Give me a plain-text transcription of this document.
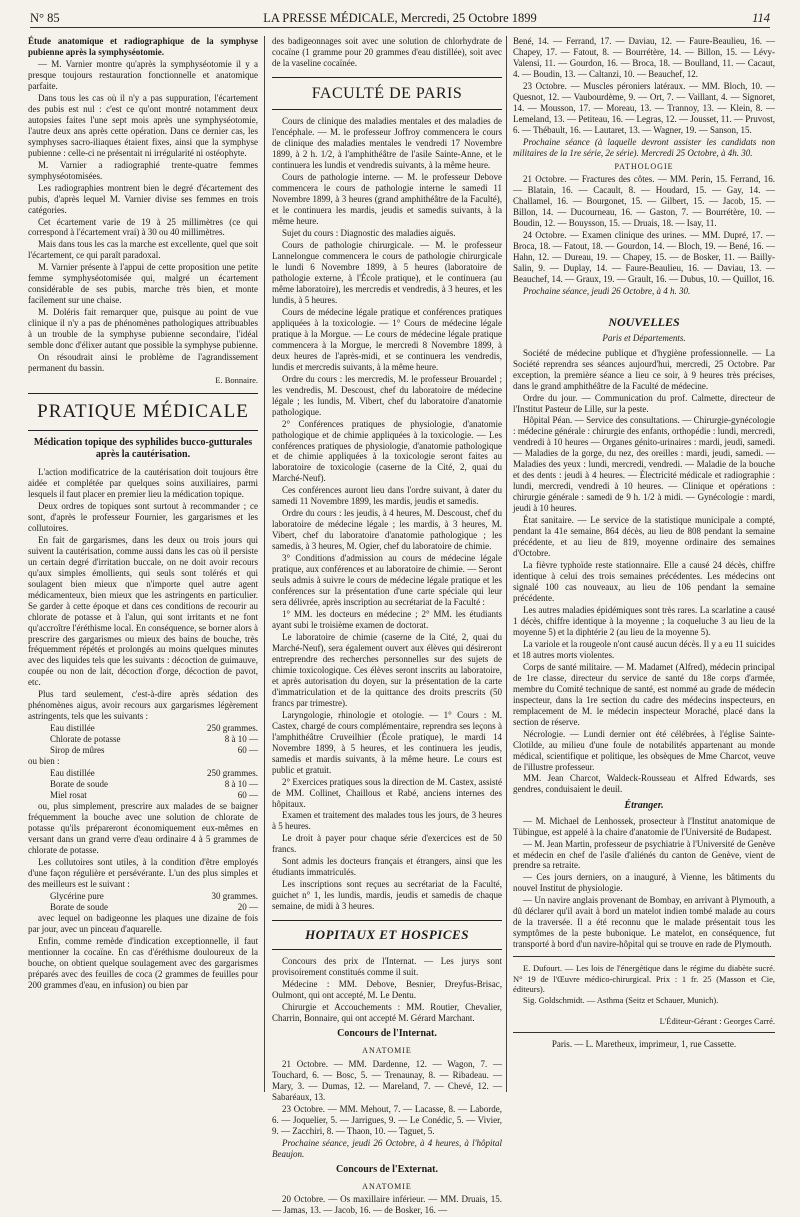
N° 85	LA PRESSE MÉDICALE, Mercredi, 25 Octobre 1899	114

Étude anatomique et radiographique de la symphyse pubienne après la symphyséotomie.

— M. Varnier montre qu'après la symphyséotomie il y a presque toujours restauration fonctionnelle et anatomique parfaite.

Dans tous les cas où il n'y a pas suppuration, l'écartement des pubis est nul : c'est ce qu'ont montré notamment deux autopsies faites l'une sept mois après une symphyséotomie, l'autre deux ans après cette opération. Dans ce dernier cas, les symphyses sacro-iliaques étaient fixes, ainsi que la symphyse pubienne : celle-ci ne présentait ni irrégularité ni ostéophyte.

M. Varnier a radiographié trente-quatre femmes symphyséotomisées.

Les radiographies montrent bien le degré d'écartement des pubis, d'après lequel M. Varnier divise ses femmes en trois catégories.

Cet écartement varie de 19 à 25 millimètres (ce qui correspond à l'écartement vrai) à 30 ou 40 millimètres.

Mais dans tous les cas la marche est excellente, quel que soit l'écartement, ce qui paraît paradoxal.

M. Varnier présente à l'appui de cette proposition une petite femme symphyséotomisée qui, malgré un écartement considérable de ses pubis, marche très bien, et monte facilement sur une chaise.

M. Doléris fait remarquer que, puisque au point de vue clinique il n'y a pas de phénomènes pathologiques attribuables à un trouble de la symphyse pubienne secondaire, l'idéal semble donc d'élixer autant que possible la symphyse pubienne.

On résoudrait ainsi le problème de l'agrandissement permanent du bassin.

E. Bonnaire.

PRATIQUE MÉDICALE
Médication topique des syphilides bucco-gutturales après la cautérisation.

L'action modificatrice de la cautérisation doit toujours être aidée et complétée par quelques soins auxiliaires, parmi lesquels il faut placer en premier lieu la médication topique.

Deux ordres de topiques sont surtout à recommander ; ce sont, d'après le professeur Fournier, les gargarismes et les collutoires.

En fait de gargarismes, dans les deux ou trois jours qui suivent la cautérisation, comme aussi dans les cas où il persiste un certain degré d'irritation buccale, on ne doit avoir recours qu'aux simples émollients, qui seuls sont tolérés et qui soulagent bien mieux que n'importe quel autre agent médicamenteux, bien mieux que les astringents en particulier. Se garder à cette époque et dans ces conditions de recourir au chlorate de potasse et à l'alun, qui sont irritants et ne font qu'accroître l'éréthisme local. En conséquence, se borner alors à prescrire des gargarismes ou mieux des bains de bouche, très fréquemment répétés et prolongés au moins quelques minutes avec des liquides tels que les suivants : décoction de guimauve, coupée ou non de lait, décoction d'orge, décoction de pavot, etc.

Plus tard seulement, c'est-à-dire après sédation des phénomènes aigus, avoir recours aux gargarismes légèrement astringents, tels que les suivants :

Eau distillée	250 grammes.
Chlorate de potasse	8 à 10 —
Sirop de mûres	60 —

ou bien :

Eau distillée	250 grammes.
Borate de soude	8 à 10 —
Miel rosat	60 —

ou, plus simplement, prescrire aux malades de se baigner fréquemment la bouche avec une solution de chlorate de potasse qu'ils prépareront économiquement eux-mêmes en versant dans un grand verre d'eau ordinaire 4 à 5 grammes de chlorate de potasse.

Les collutoires sont utiles, à la condition d'être employés d'une façon régulière et persévérante. L'un des plus simples et des meilleurs est le suivant :

Glycérine pure	30 grammes.
Borate de soude	20 —

avec lequel on badigeonne les plaques une dizaine de fois par jour, avec un pinceau d'aquarelle.

Enfin, comme remède d'indication exceptionnelle, il faut mentionner la cocaïne. En cas d'éréthisme douloureux de la bouche, on obtient quelque soulagement avec des gargarismes préparés avec des feuilles de coca (2 grammes de feuilles pour 200 grammes d'eau, en infusion) ou bien par

des badigeonnages soit avec une solution de chlorhydrate de cocaïne (1 gramme pour 20 grammes d'eau distillée), soit avec de la vaseline cocaïnée.

FACULTÉ DE PARIS

Cours de clinique des maladies mentales et des maladies de l'encéphale. — M. le professeur Joffroy commencera le cours de clinique des maladies mentales le vendredi 17 Novembre 1899, à 2 h. 1/2, à l'amphithéâtre de l'asile Sainte-Anne, et le continuera les lundis et vendredis suivants, à la même heure.

Cours de pathologie interne. — M. le professeur Debove commencera le cours de pathologie interne le samedi 11 Novembre 1899, à 3 heures (grand amphithéâtre de la Faculté), et le continuera les mardis, jeudis et samedis suivants, à la même heure.

Sujet du cours : Diagnostic des maladies aiguës.

Cours de pathologie chirurgicale. — M. le professeur Lannelongue commencera le cours de pathologie chirurgicale le lundi 6 Novembre 1899, à 5 heures (laboratoire de pathologie externe, à l'École pratique), et le continuera (au même laboratoire), les mercredis et vendredis, à 3 heures, et les lundis, à 5 heures.

Cours de médecine légale pratique et conférences pratiques appliquées à la toxicologie. — 1° Cours de médecine légale pratique à la Morgue. — Le cours de médecine légale pratique commencera à la Morgue, le mercredi 8 Novembre 1899, à deux heures de l'après-midi, et se continuera les vendredis, lundis et mercredis suivants, à la même heure.

Ordre du cours : les mercredis, M. le professeur Brouardel ; les vendredis, M. Descoust, chef du laboratoire de médecine légale ; les lundis, M. Vibert, chef du laboratoire d'anatomie pathologique.

2° Conférences pratiques de physiologie, d'anatomie pathologique et de chimie appliquées à la toxicologie. — Les conférences pratiques de physiologie, d'anatomie pathologique et de chimie appliquées à la toxicologie seront faites au laboratoire de toxicologie (caserne de la Cité, 2, quai du Marché-Neuf).

Ces conférences auront lieu dans l'ordre suivant, à dater du samedi 11 Novembre 1899, les mardis, jeudis et samedis.

Ordre du cours : les jeudis, à 4 heures, M. Descoust, chef du laboratoire de médecine légale ; les mardis, à 3 heures, M. Vibert, chef du laboratoire d'anatomie pathologique ; les samedis, à 3 heures, M. Ogier, chef du laboratoire de chimie.

3° Conditions d'admission au cours de médecine légale pratique, aux conférences et au laboratoire de chimie. — Seront seuls admis à suivre le cours de médecine légale pratique et les conférences sur la présentation d'une carte spéciale qui leur sera délivrée, après inscription au secrétariat de la Faculté :

1° MM. les docteurs en médecine ; 2° MM. les étudiants ayant subi le troisième examen de doctorat.

Le laboratoire de chimie (caserne de la Cité, 2, quai du Marché-Neuf), sera également ouvert aux élèves qui désireront entreprendre des recherches personnelles sur des sujets de chimie toxicologique. Ces élèves seront inscrits au laboratoire, et après autorisation du doyen, sur la présentation de la carte d'immatriculation et de la quittance des droits prescrits (50 francs par trimestre).

Laryngologie, rhinologie et otologie. — 1° Cours : M. Castex, chargé de cours complémentaire, reprendra ses leçons à l'amphithéâtre Cruveilhier (École pratique), le mardi 14 Novembre 1899, à 5 heures, et les continuera les jeudis, samedis et mardis suivants, à la même heure. Le cours est public et gratuit.

2° Exercices pratiques sous la direction de M. Castex, assisté de MM. Collinet, Chaillous et Rabé, anciens internes des hôpitaux.

Examen et traitement des malades tous les jours, de 3 heures à 5 heures.

Le droit à payer pour chaque série d'exercices est de 50 francs.

Sont admis les docteurs français et étrangers, ainsi que les étudiants immatriculés.

Les inscriptions sont reçues au secrétariat de la Faculté, guichet n° 1, les lundis, mardis, jeudis et samedis de chaque semaine, de midi à 3 heures.

HOPITAUX ET HOSPICES

Concours des prix de l'Internat. — Les jurys sont provisoirement constitués comme il suit.

Médecine : MM. Debove, Besnier, Dreyfus-Brisac, Oulmont, qui ont accepté, M. Le Dentu.

Chirurgie et Accouchements : MM. Routier, Chevalier, Charrin, Bonnaire, qui ont accepté M. Gérard Marchant.

Concours de l'Internat.
ANATOMIE

21 Octobre. — MM. Dardenne, 12. — Wagon, 7. — Touchard, 6. — Bosc, 5. — Trenaunay, 8. — Ribadeau. — Mary, 3. — Dumas, 12. — Mareland, 7. — Chevé, 12. — Sabaréaux, 13.

23 Octobre. — MM. Mehout, 7. — Lacasse, 8. — Laborde, 6. — Joquelier, 5. — Jarrigues, 9. — Le Conédic, 5. — Vivier, 9. — Zacchiri, 8. — Thaon, 10. — Taguet, 5.

Prochaine séance, jeudi 26 Octobre, à 4 heures, à l'hôpital Beaujon.

Concours de l'Externat.
ANATOMIE

20 Octobre. — Os maxillaire inférieur. — MM. Druais, 15. — Jamas, 13. — Jacob, 16. — de Bosker, 16. —

Bené, 14. — Ferrand, 17. — Daviau, 12. — Faure-Beaulieu, 16. — Chapey, 17. — Fatout, 8. — Bourrétère, 14. — Billon, 15. — Lévy-Valensi, 11. — Gourdon, 16. — Broca, 18. — Boulland, 11. — Cacaut, 4. — Boudin, 13. — Caltanzi, 10. — Beauchef, 12.

23 Octobre. — Muscles péroniers latéraux. — MM. Bloch, 10. — Quesnot, 12. — Vaubourdème, 9. — Ort, 7. — Vaillant, 4. — Signoret, 14. — Mousson, 17. — Moreau, 13. — Trannoy, 13. — Klein, 8. — Lemeland, 13. — Petiteau, 16. — Legras, 12. — Jousset, 11. — Pruvost, 6. — Thébault, 16. — Lautaret, 13. — Wagner, 19. — Sanson, 15.

Prochaine séance (à laquelle devront assister les candidats non militaires de la 1re série, 2e série). Mercredi 25 Octobre, à 4h. 30.

PATHOLOGIE

21 Octobre. — Fractures des côtes. — MM. Perin, 15. Ferrand, 16. — Blatain, 16. — Cacault, 8. — Houdard, 15. — Gay, 14. — Challamel, 16. — Bourgonet, 15. — Gilbert, 15. — Jacob, 15. — Billon, 14. — Ducourneau, 16. — Gaston, 7. — Bourrétère, 10. — Boudin, 12. — Bouysson, 15. — Druais, 18. — Isay, 11.

24 Octobre. — Examen clinique des urines. — MM. Dupré, 17. — Broca, 18. — Fatout, 18. — Gourdon, 14. — Bloch, 19. — Bené, 16. — Hahn, 12. — Dureau, 19. — Chapey, 15. — de Bosker, 11. — Bailly-Salin, 9. — Duplay, 14. — Faure-Beaulieu, 16. — Daviau, 13. — Beauchef, 14. — Graux, 19. — Grault, 16. — Dubus, 10. — Quillot, 16.

Prochaine séance, jeudi 26 Octobre, à 4 h. 30.

NOUVELLES
Paris et Départements.

Société de médecine publique et d'hygiène professionnelle. — La Société reprendra ses séances aujourd'hui, mercredi, 25 Octobre. Par exception, la première séance a lieu ce soir, à 9 heures très précises, dans le grand amphithéâtre de la Faculté de médecine.

Ordre du jour. — Communication du prof. Calmette, directeur de l'Institut Pasteur de Lille, sur la peste.

Hôpital Péan. — Service des consultations. — Chirurgie-gynécologie : médecine générale : chirurgie des enfants, orthopédie : lundi, mercredi, vendredi à 10 heures — Organes génito-urinaires : mardi, jeudi, samedi. — Maladies de la gorge, du nez, des oreilles : mardi, jeudi, samedi. — Maladies des yeux : lundi, mercredi, vendredi. — Maladie de la bouche et des dents : jeudi à 4 heures. — Électricité médicale et radiographie : lundi, mercredi, vendredi à 10 heures. — Clinique et opérations : chirurgie générale : samedi de 9 h. 1/2 à midi. — Gynécologie : mardi, jeudi à 10 heures.

État sanitaire. — Le service de la statistique municipale a compté, pendant la 41e semaine, 864 décès, au lieu de 808 pendant la semaine précédente, et au lieu de 819, moyenne ordinaire des semaines d'Octobre.

La fièvre typhoïde reste stationnaire. Elle a causé 24 décès, chiffre identique à celui des trois semaines précédentes. Les médecins ont signalé 100 cas nouveaux, au lieu de 106 pendant la semaine précédente.

Les autres maladies épidémiques sont très rares. La scarlatine a causé 1 décès, chiffre identique à la moyenne ; la coqueluche 3 au lieu de la moyenne 5) et la diphtérie 2 (au lieu de la moyenne 5).

La variole et la rougeole n'ont causé aucun décès. Il y a eu 11 suicides et 18 autres morts violentes.

Corps de santé militaire. — M. Madamet (Alfred), médecin principal de 1re classe, directeur du service de santé du 18e corps d'armée, membre du Comité technique de santé, est nommé au grade de médecin inspecteur, dans la 1re section du cadre des médecins inspecteurs, en remplacement de M. le médecin inspecteur Moraché, placé dans la section de réserve.

Nécrologie. — Lundi dernier ont été célébrées, à l'église Sainte-Clotilde, au milieu d'une foule de notabilités appartenant au monde médical, scientifique et politique, les obsèques de Mme Charcot, veuve de l'illustre professeur.

MM. Jean Charcot, Waldeck-Rousseau et Alfred Edwards, ses gendres, conduisaient le deuil.

Étranger.

— M. Michael de Lenhossek, prosecteur à l'Institut anatomique de Tübingue, est appelé à la chaire d'anatomie de l'Université de Budapest.

— M. Jean Martin, professeur de psychiatrie à l'Université de Genève et médecin en chef de l'asile d'aliénés du canton de Genève, vient de prendre sa retraite.

— Ces jours derniers, on a inauguré, à Vienne, les bâtiments du nouvel Institut de physiologie.

— Un navire anglais provenant de Bombay, en arrivant à Plymouth, a dû déclarer qu'il avait à bord un matelot indien tombé malade au cours de la traversée. Il a été reconnu que le malade présentait tous les symptômes de la peste bubonique. Le matelot, en conséquence, fut transporté à bord d'un navire-hôpital qui se trouve en rade de Plymouth.

E. Dufourt. — Les lois de l'énergétique dans le régime du diabète sucré. N° 19 de l'Œuvre médico-chirurgical. Prix : 1 fr. 25 (Masson et Cie, éditeurs).

Sig. Goldschmidt. — Asthma (Seitz et Schauer, Munich).

L'Éditeur-Gérant : Georges Carré.

Paris. — L. Maretheux, imprimeur, 1, rue Cassette.
